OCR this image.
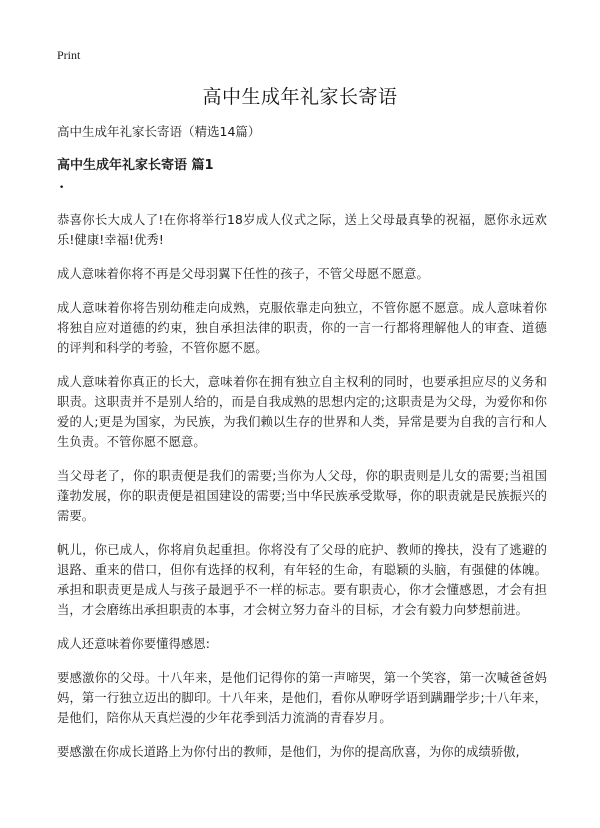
Print
高中生成年礼家长寄语

高中生成年礼家长寄语（精选14篇）

高中生成年礼家长寄语 篇1

•

恭喜你长大成人了!在你将举行18岁成人仪式之际，送上父母最真挚的祝福，愿你永远欢乐!健康!幸福!优秀!

成人意味着你将不再是父母羽翼下任性的孩子，不管父母愿不愿意。

成人意味着你将告别幼稚走向成熟，克服依靠走向独立，不管你愿不愿意。成人意味着你将独自应对道德的约束，独自承担法律的职责，你的一言一行都将理解他人的审查、道德的评判和科学的考验，不管你愿不愿。

成人意味着你真正的长大，意味着你在拥有独立自主权利的同时，也要承担应尽的义务和职责。这职责并不是别人给的，而是自我成熟的思想内定的;这职责是为父母，为爱你和你爱的人;更是为国家，为民族，为我们赖以生存的世界和人类，异常是要为自我的言行和人生负责。不管你愿不愿意。

当父母老了，你的职责便是我们的需要;当你为人父母，你的职责则是儿女的需要;当祖国蓬勃发展，你的职责便是祖国建设的需要;当中华民族承受欺辱，你的职责就是民族振兴的需要。

帆儿，你已成人，你将肩负起重担。你将没有了父母的庇护、教师的搀扶，没有了逃避的退路、重来的借口，但你有选择的权利，有年轻的生命，有聪颖的头脑，有强健的体魄。承担和职责更是成人与孩子最迥乎不一样的标志。要有职责心，你才会懂感恩，才会有担当，才会磨练出承担职责的本事，才会树立努力奋斗的目标，才会有毅力向梦想前进。

成人还意味着你要懂得感恩:

要感激你的父母。十八年来，是他们记得你的第一声啼哭，第一个笑容，第一次喊爸爸妈妈，第一行独立迈出的脚印。十八年来，是他们，看你从咿呀学语到蹒跚学步;十八年来，是他们，陪你从天真烂漫的少年花季到活力流淌的青春岁月。

要感激在你成长道路上为你付出的教师，是他们，为你的提高欣喜，为你的成绩骄傲,
